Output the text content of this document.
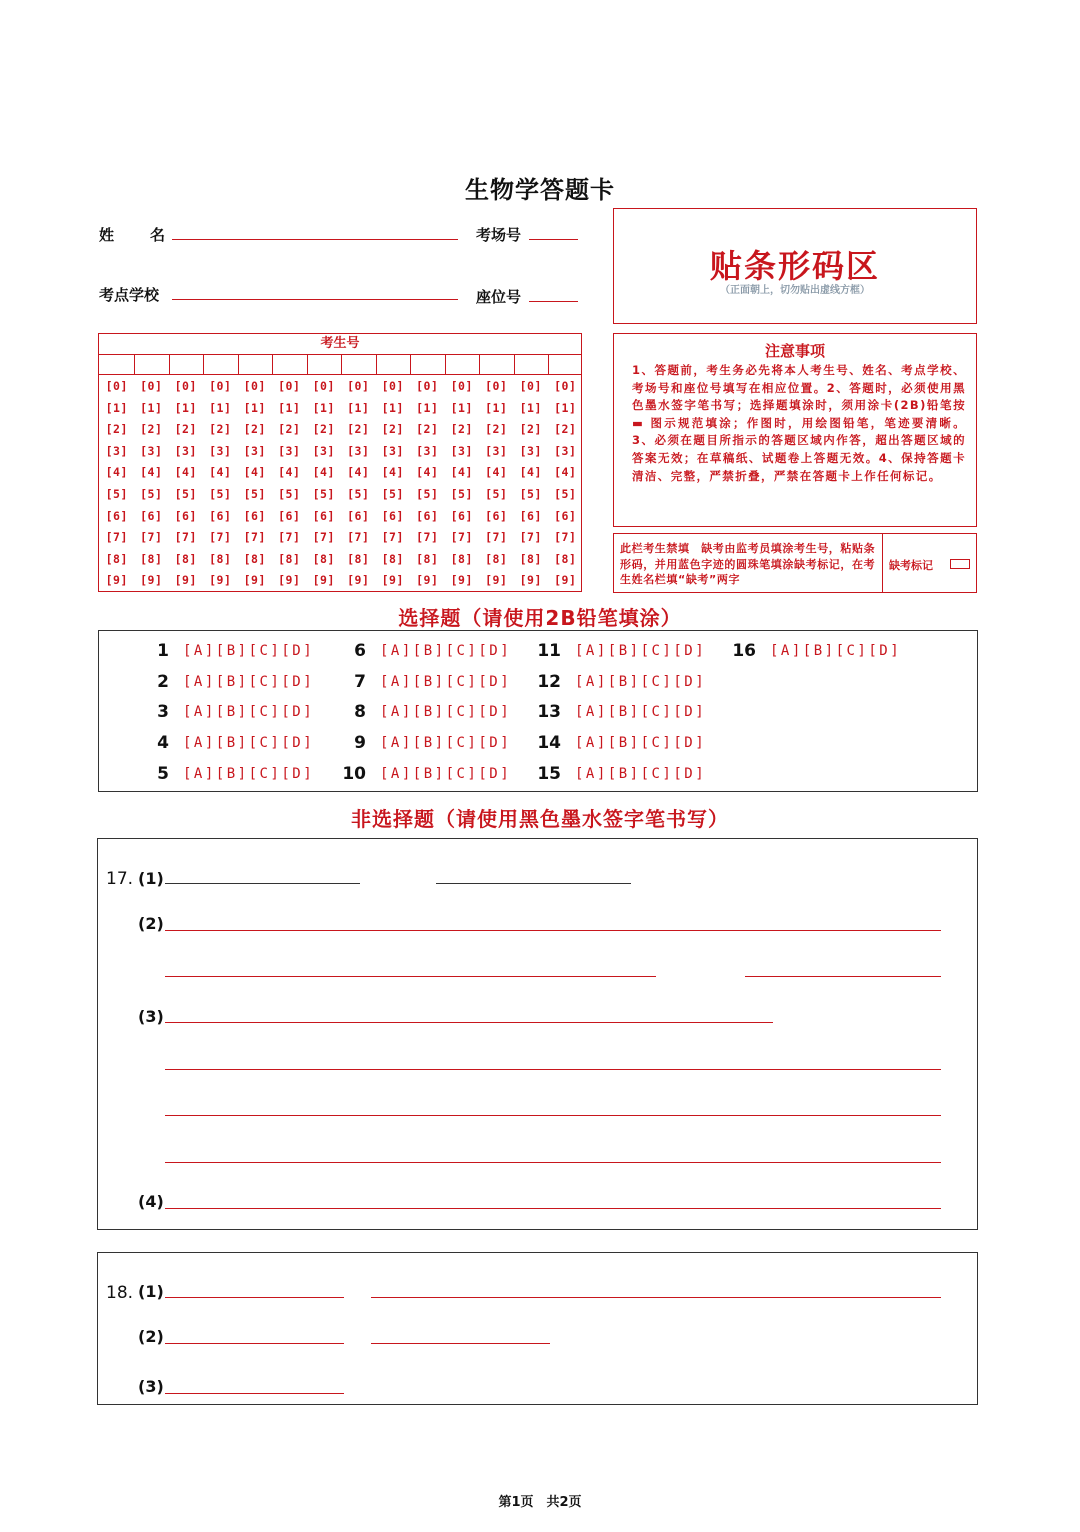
生物学答题卡
姓　　名	考场号
考点学校	座位号
贴条形码区
（正面朝上，切勿贴出虚线方框）
注意事项
1、答题前，考生务必先将本人考生号、姓名、考点学校、考场号和座位号填写在相应位置。2、答题时，必须使用黑色墨水签字笔书写；选择题填涂时，须用涂卡(2B)铅笔按 ▬ 图示规范填涂；作图时，用绘图铅笔，笔迹要清晰。3、必须在题目所指示的答题区域内作答，超出答题区域的答案无效；在草稿纸、试题卷上答题无效。4、保持答题卡清洁、完整，严禁折叠，严禁在答题卡上作任何标记。
此栏考生禁填　缺考由监考员填涂考生号，粘贴条形码，并用蓝色字迹的圆珠笔填涂缺考标记，在考生姓名栏填“缺考”两字
缺考标记
考生号
[0]	[0]	[0]	[0]	[0]	[0]	[0]	[0]	[0]	[0]	[0]	[0]	[0]	[0]
[1]	[1]	[1]	[1]	[1]	[1]	[1]	[1]	[1]	[1]	[1]	[1]	[1]	[1]
[2]	[2]	[2]	[2]	[2]	[2]	[2]	[2]	[2]	[2]	[2]	[2]	[2]	[2]
[3]	[3]	[3]	[3]	[3]	[3]	[3]	[3]	[3]	[3]	[3]	[3]	[3]	[3]
[4]	[4]	[4]	[4]	[4]	[4]	[4]	[4]	[4]	[4]	[4]	[4]	[4]	[4]
[5]	[5]	[5]	[5]	[5]	[5]	[5]	[5]	[5]	[5]	[5]	[5]	[5]	[5]
[6]	[6]	[6]	[6]	[6]	[6]	[6]	[6]	[6]	[6]	[6]	[6]	[6]	[6]
[7]	[7]	[7]	[7]	[7]	[7]	[7]	[7]	[7]	[7]	[7]	[7]	[7]	[7]
[8]	[8]	[8]	[8]	[8]	[8]	[8]	[8]	[8]	[8]	[8]	[8]	[8]	[8]
[9]	[9]	[9]	[9]	[9]	[9]	[9]	[9]	[9]	[9]	[9]	[9]	[9]	[9]
选择题（请使用2B铅笔填涂）
1 [A][B][C][D]
2 [A][B][C][D]
3 [A][B][C][D]
4 [A][B][C][D]
5 [A][B][C][D]
6 [A][B][C][D]
7 [A][B][C][D]
8 [A][B][C][D]
9 [A][B][C][D]
10 [A][B][C][D]
11 [A][B][C][D]
12 [A][B][C][D]
13 [A][B][C][D]
14 [A][B][C][D]
15 [A][B][C][D]
16 [A][B][C][D]
非选择题（请使用黑色墨水签字笔书写）
17. (1)
(2)
(3)
(4)
18. (1)
(2)
(3)
第1页　共2页
